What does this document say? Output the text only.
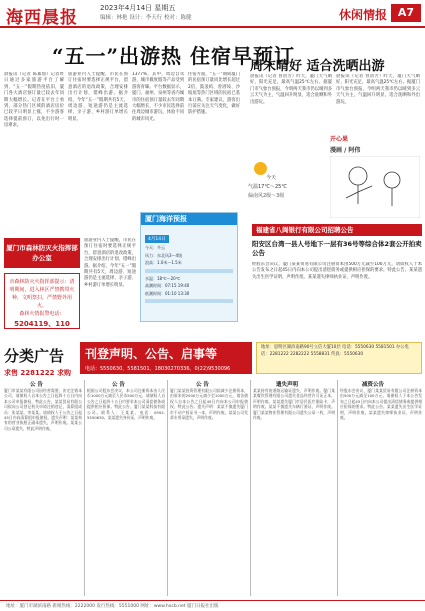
海西晨报	2023年4月14日 星期五
编辑：林艳 设计：李天行 校对：陈健	休闲情报 A7
“五一”出游热 住宿早预订
晨报讯（记者 陈素仙）记者昨日通过多家旅游平台了解到，“五一”假期热度依旧，厦门各大酒店预订量已较去年同期大幅增长。记者在平台上看到，部分热门区域的酒店房价已较平日明显上涨，不少游客选择提前预订，以免出行时一房难求。
旅游业内人士提醒，市民在预订住宿时要选择正规平台，留意酒店的退改政策，合理安排出行计划，错峰出游。据介绍，今年“五一”假期共有5天，周边游、短途游仍是主流选择，亲子游、乡村游订单增长明显。
1377%，其中，周边自驾游、城市微度假等产品受到游客青睐。平台数据显示，厦门、福州、泉州等省内城市的住宿预订量较去年同期大幅增长，不少市民选择前往周边城市游玩，体验不同的城市风光。
住宿方面，“五一”期间厦门的民宿预订量同比增长超过2倍，鼓浪屿、曾厝垵、沙坡尾等热门区域的民宿已基本订满。专家建议，游客出行前应关注天气变化，做好防护措施。
旅游业内人士提醒，市民在预订住宿时要选择正规平台，留意酒店的退改政策，合理安排出行计划，错峰出游。据介绍，今年“五一”假期共有5天，周边游、短途游仍是主流选择，亲子游、乡村游订单增长明显。
厦门市森林防灭火指挥部办公室
市森林防灭火指挥部提示：清明期间，进入林区严禁携带火种，文明祭扫，严禁野外用火。
森林火情报警电话：
5204119、110
周末晴好 适合洗晒出游
晨报讯（记者 曾清芳）昨天，厦门天气晴好，阳光充足，最高气温25℃左右。据厦门市气象台预报，今明两天我市仍以晴到多云天气为主，气温回升明显，适合洗晒和外出游玩。
晨报讯（记者 曾清芳）昨天，厦门天气晴好，阳光充足，最高气温25℃左右。据厦门市气象台预报，今明两天我市仍以晴到多云天气为主，气温回升明显，适合洗晒和外出游玩。
今天
气温17℃～25℃
偏南风2级～3级
开心果
漫画 / 阿伟
厦门海洋预报
4月14日
今天：多云
风力：东北风3～4级
浪高：1.0米～1.5米
水温：18℃～20℃
高潮时间：07:15 19:40
低潮时间：01:10 13:30
福建省八闽银行有限公司招聘公告
阳安区台湾一县人号地下一层有36号等综合体2套公开拍卖公告
经股东会决议，厦门某某贸易有限公司注册资本由500万元减至100万元，请债权人于本公告发布之日起45日内向本公司提出清偿债务或提供相应担保的要求。特此公告。某某遗失出生医学证明，声明作废。某某遗失律师执业证，声明作废。
分类广告
求售 2281222 求购
刊登声明、公告、启事等
电话：5550630、5581501、18030270336、0(22)9530096
地址：思明区湖滨南路90号立信大厦10层 电话：5550630 5581501 办公电话：2281222 2282222 5558831 传真：5550630
公 告
厦门市某某有限公司因经营需要，决定注销本公司，请债权人自本公告之日起四十五日内向本公司申报债权，特此公告。某某贸易有限公司拟向公司登记机关申请注销登记，清算组成员：张某某、李某某。请债权人于公告之日起45日内向清算组申报债权。遗失声明：某某持有的营业执照正副本遗失，声明作废。某某公司公章遗失，特此声明作废。
公 告
根据公司股东会决议，本公司注册资本由人民币1000万元减至人民币500万元，请债权人自公告之日起四十五日内要求本公司清偿债务或提供相应担保。特此公告。厦门某某科技有限公司。联系人：王某某，电话：0592-5550630。某某遗失身份证，声明作废。
公 告
厦门某某投资管理有限公司拟减少注册资本，由原来的2000万元减少至1000万元，请各债权人自本公告之日起45日内向本公司申报债权。特此公告。遗失声明：某某不慎遗失厦门市不动产权证书一本，声明作废。某某公司发票专用章遗失，声明作废。
遗失声明
某某持有的道路运输证遗失，声明作废。厦门某某餐饮管理有限公司遗失食品经营许可证正本，声明作废。某某遗失厦门市居民医疗保险卡，声明作废。某某不慎遗失车辆行驶证，声明作废。厦门某某物业管理有限公司遗失公章一枚，声明作废。
减资公告
经股东会决议，厦门某某贸易有限公司注册资本由500万元减至100万元，请债权人于本公告发布之日起45日内向本公司提出清偿债务或提供相应担保的要求。特此公告。某某遗失出生医学证明，声明作废。某某遗失律师执业证，声明作废。
地址：厦门市湖滨南路 新闻热线：2222000 发行热线：5551000 网址：www.hxcb.net 厦门日报社出版
